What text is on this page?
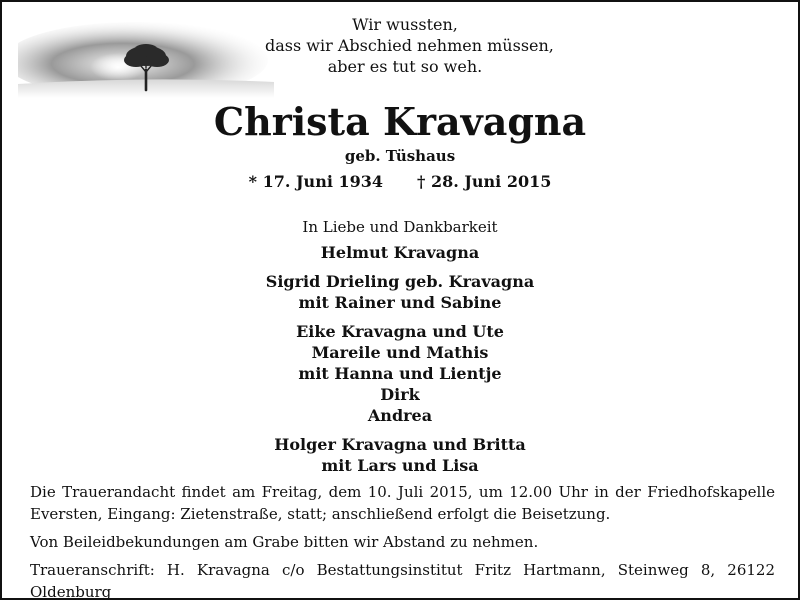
Wir wussten,
dass wir Abschied nehmen müssen,
aber es tut so weh.
Christa Kravagna
geb. Tüshaus
* 17. Juni 1934 † 28. Juni 2015
In Liebe und Dankbarkeit
Helmut Kravagna
Sigrid Drieling geb. Kravagna
mit Rainer und Sabine
Eike Kravagna und Ute
Mareile und Mathis
mit Hanna und Lientje
Dirk
Andrea
Holger Kravagna und Britta
mit Lars und Lisa

Die Trauerandacht findet am Freitag, dem 10. Juli 2015, um 12.00 Uhr in der Friedhofskapelle Eversten, Eingang: Zietenstraße, statt; anschließend erfolgt die Beisetzung.

Von Beileidbekundungen am Grabe bitten wir Abstand zu nehmen.

Traueranschrift: H. Kravagna c/o Bestattungsinstitut Fritz Hartmann, Steinweg 8, 26122 Oldenburg
